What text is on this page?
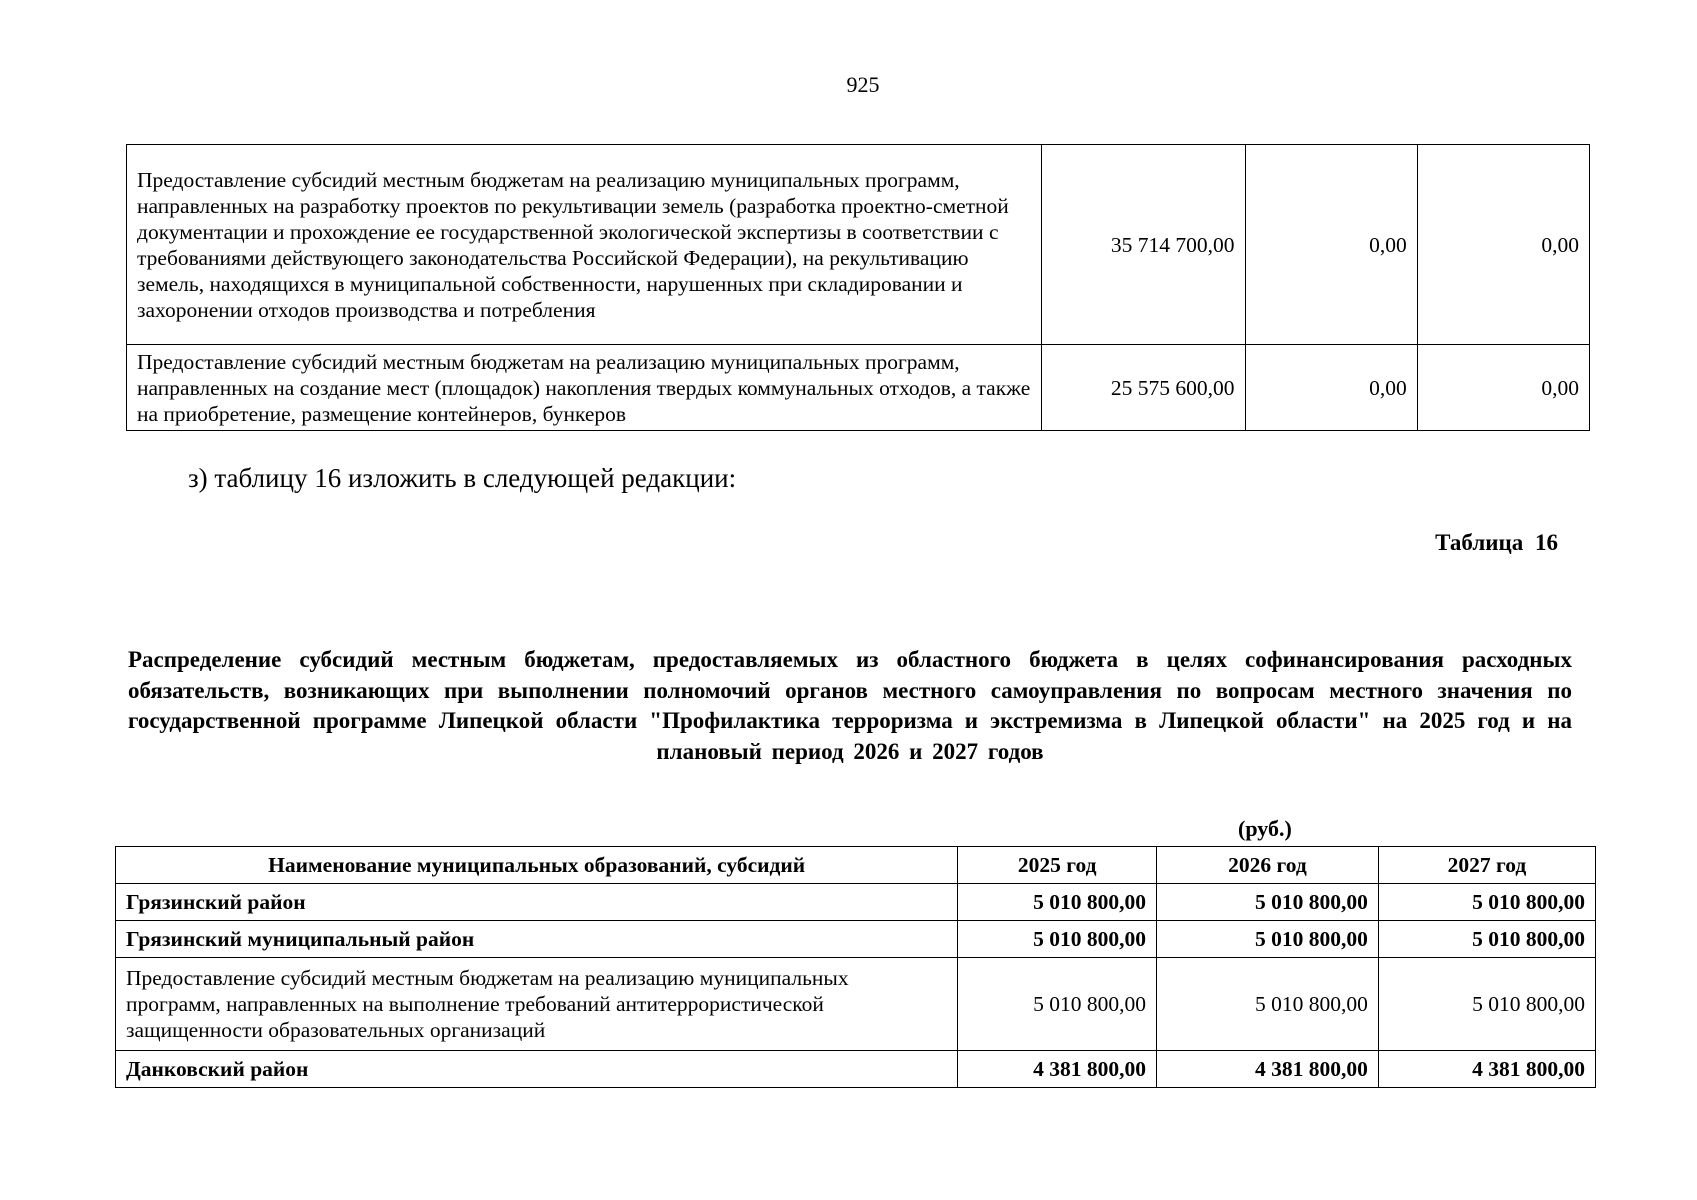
925
Предоставление субсидий местным бюджетам на реализацию муниципальных программ, направленных на разработку проектов по рекультивации земель (разработка проектно-сметной документации и прохождение ее государственной экологической экспертизы в соответствии с требованиями действующего законодательства Российской Федерации), на рекультивацию земель, находящихся в муниципальной собственности, нарушенных при складировании и захоронении отходов производства и потребления	35 714 700,00	0,00	0,00
Предоставление субсидий местным бюджетам на реализацию муниципальных программ, направленных на создание мест (площадок) накопления твердых коммунальных отходов, а также на приобретение, размещение контейнеров, бункеров	25 575 600,00	0,00	0,00
з) таблицу 16 изложить в следующей редакции:
Таблица 16
Распределение субсидий местным бюджетам, предоставляемых из областного бюджета в целях софинансирования расходных обязательств, возникающих при выполнении полномочий органов местного самоуправления по вопросам местного значения по государственной программе Липецкой области "Профилактика терроризма и экстремизма в Липецкой области" на 2025 год и на плановый период 2026 и 2027 годов
(руб.)
Наименование муниципальных образований, субсидий	2025 год	2026 год	2027 год
Грязинский район	5 010 800,00	5 010 800,00	5 010 800,00
Грязинский муниципальный район	5 010 800,00	5 010 800,00	5 010 800,00
Предоставление субсидий местным бюджетам на реализацию муниципальных программ, направленных на выполнение требований антитеррористической защищенности образовательных организаций	5 010 800,00	5 010 800,00	5 010 800,00
Данковский район	4 381 800,00	4 381 800,00	4 381 800,00
